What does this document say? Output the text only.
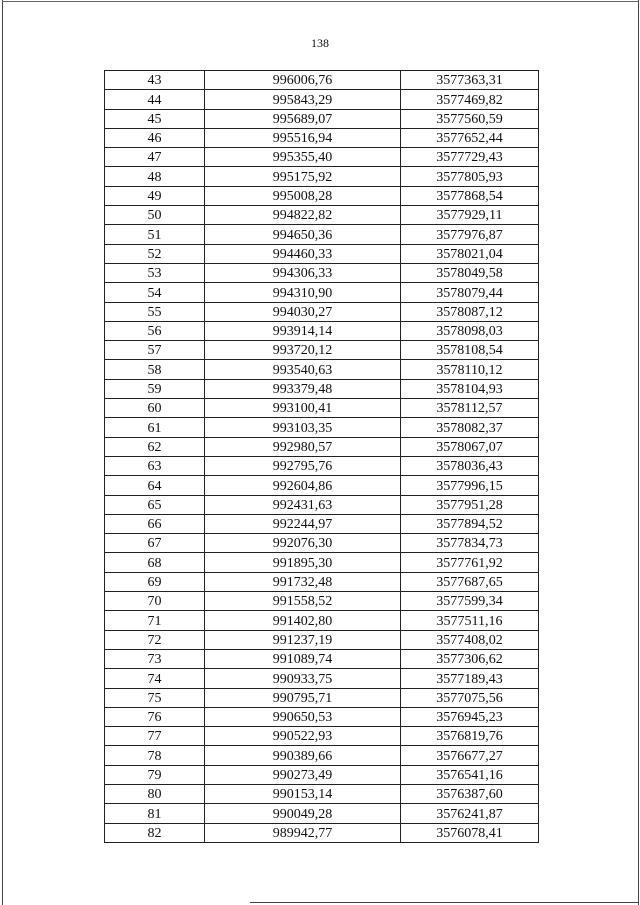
138
43	996006,76	3577363,31
44	995843,29	3577469,82
45	995689,07	3577560,59
46	995516,94	3577652,44
47	995355,40	3577729,43
48	995175,92	3577805,93
49	995008,28	3577868,54
50	994822,82	3577929,11
51	994650,36	3577976,87
52	994460,33	3578021,04
53	994306,33	3578049,58
54	994310,90	3578079,44
55	994030,27	3578087,12
56	993914,14	3578098,03
57	993720,12	3578108,54
58	993540,63	3578110,12
59	993379,48	3578104,93
60	993100,41	3578112,57
61	993103,35	3578082,37
62	992980,57	3578067,07
63	992795,76	3578036,43
64	992604,86	3577996,15
65	992431,63	3577951,28
66	992244,97	3577894,52
67	992076,30	3577834,73
68	991895,30	3577761,92
69	991732,48	3577687,65
70	991558,52	3577599,34
71	991402,80	3577511,16
72	991237,19	3577408,02
73	991089,74	3577306,62
74	990933,75	3577189,43
75	990795,71	3577075,56
76	990650,53	3576945,23
77	990522,93	3576819,76
78	990389,66	3576677,27
79	990273,49	3576541,16
80	990153,14	3576387,60
81	990049,28	3576241,87
82	989942,77	3576078,41
